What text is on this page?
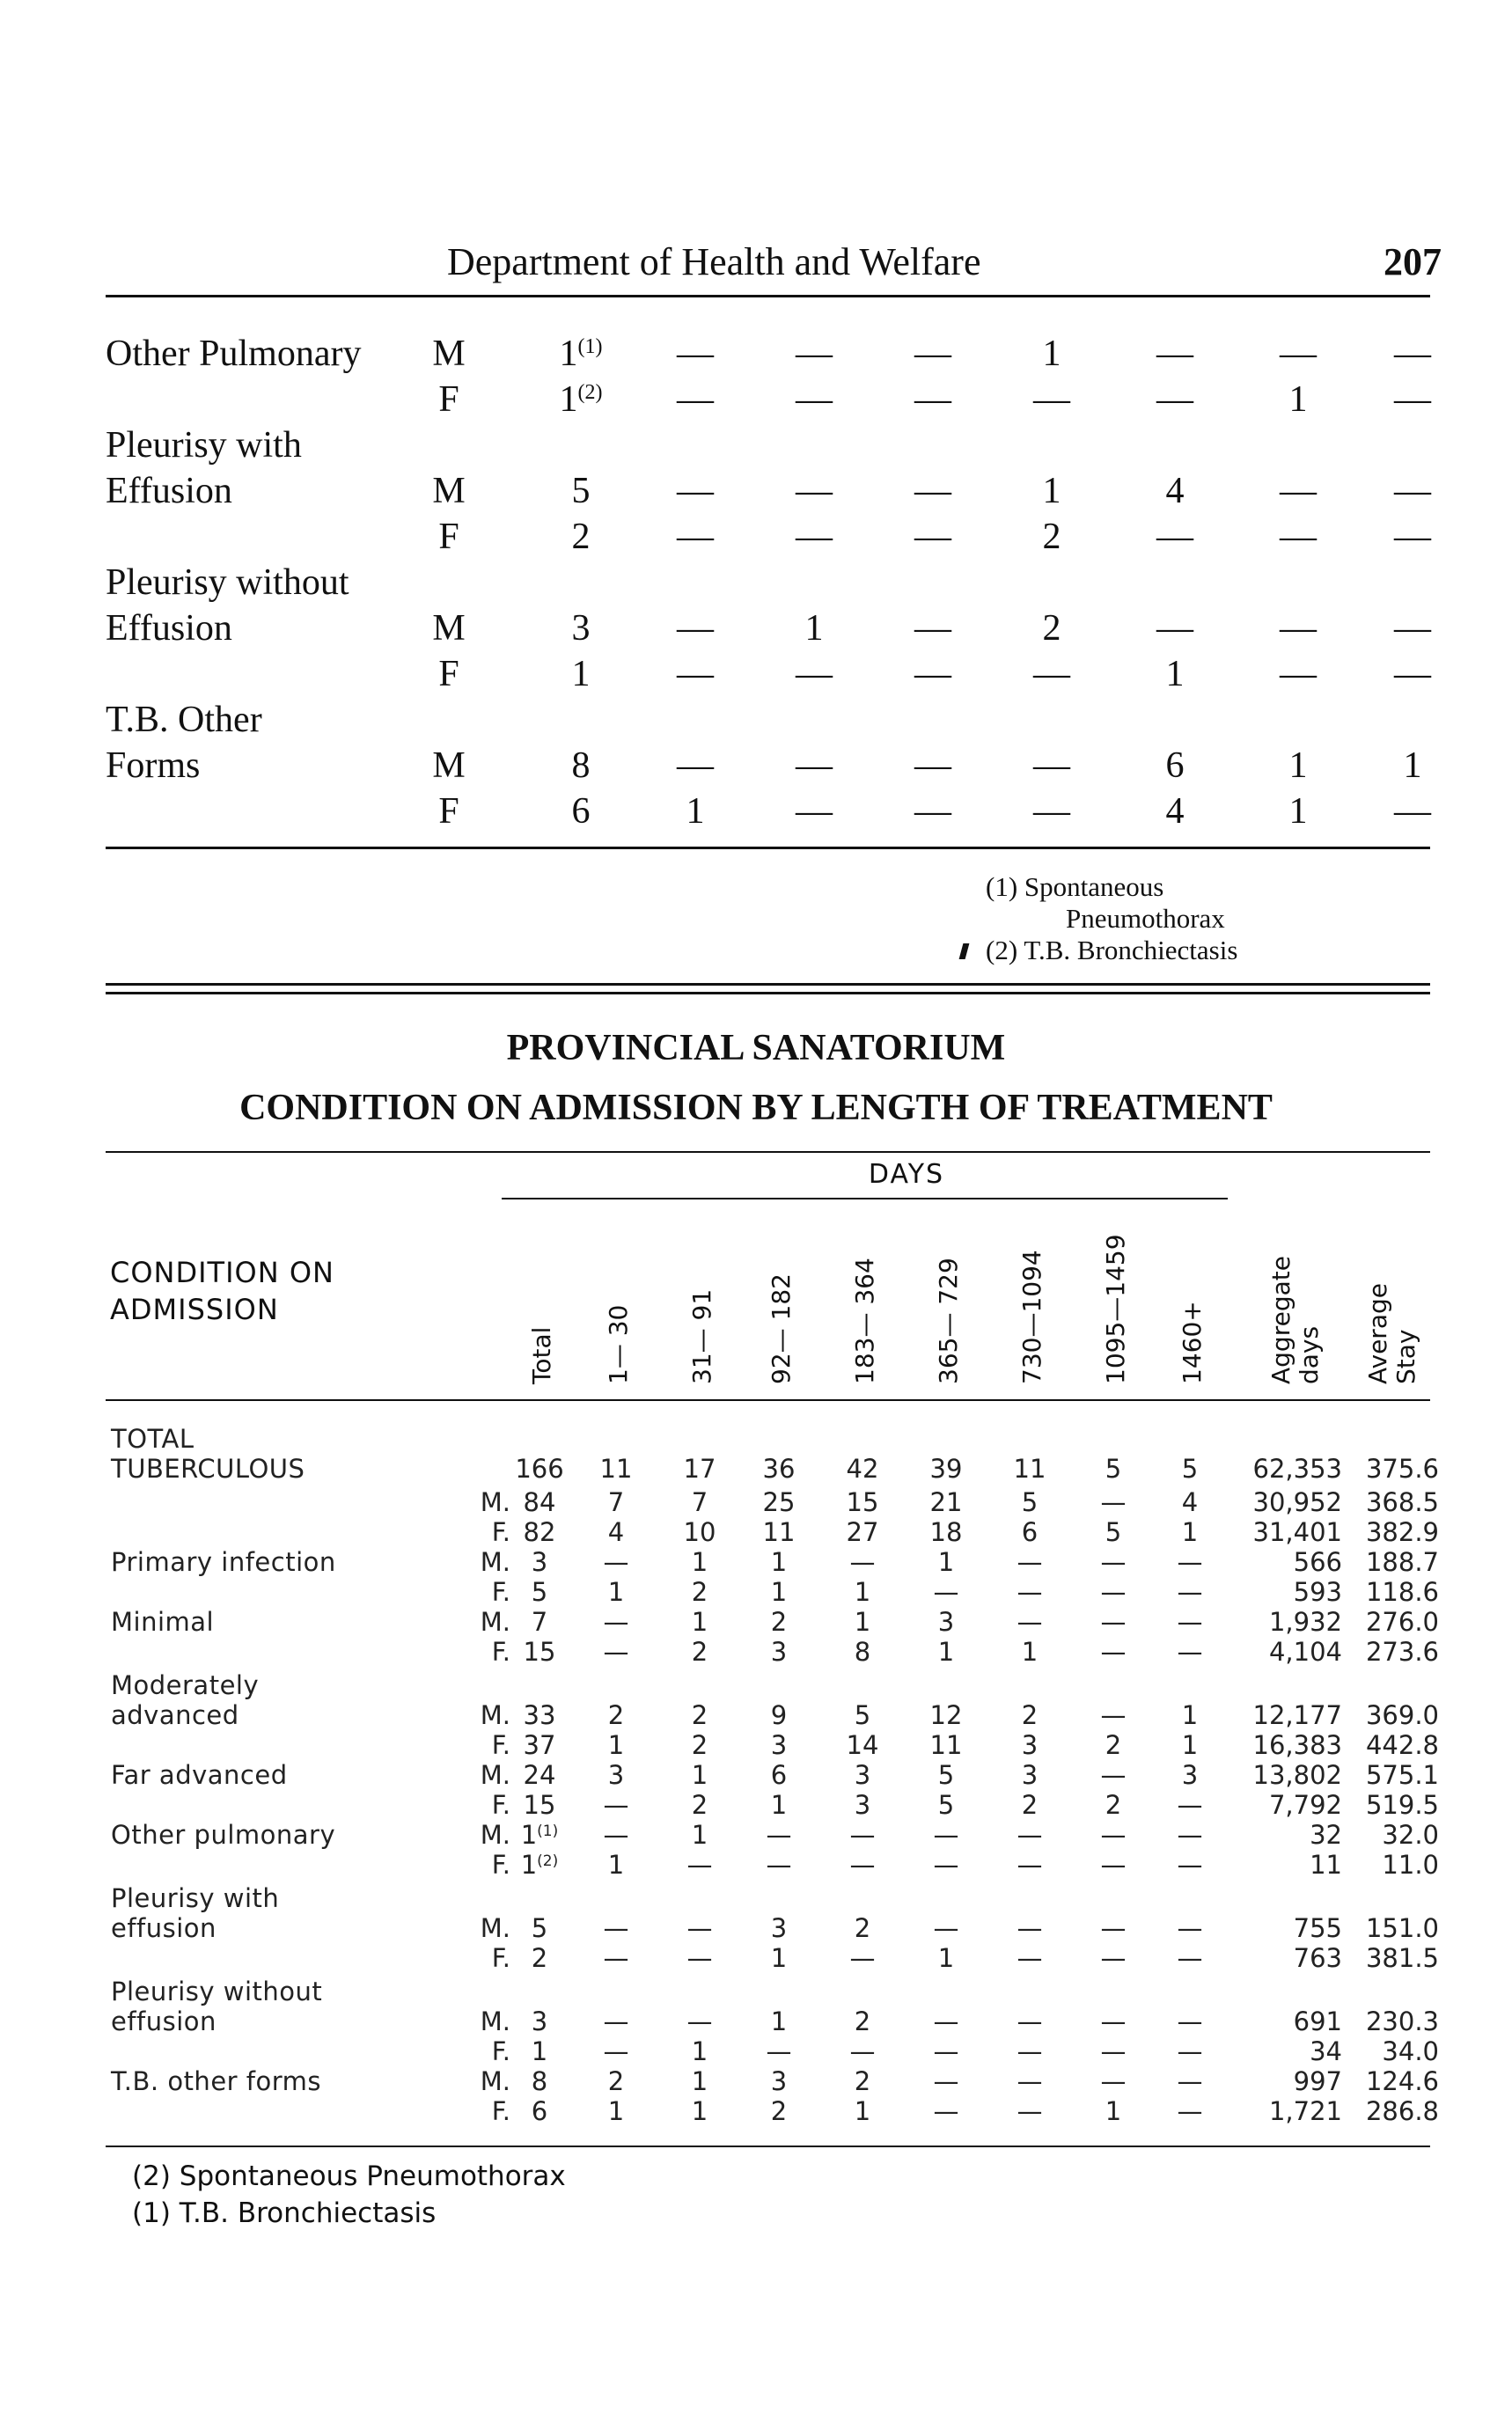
Department of Health and Welfare	207
Other Pulmonary M	1$^{(1)}$ — — —	1	— — —
F	1$^{(2)}$ — — — — —	1	—
Pleurisy with
Effusion	M	5	— — —	1	4	— —
F	2	— — —	2	— — —
Pleurisy without
Effusion	M	3	—	1	—	2	— — —
F	1	— — — —	1	— —
T.B. Other
Forms	M	8	— — — —	6	1	1
F	6	1	— — —	4	1	—
(1) Spontaneous
Pneumothorax
(2) T.B. Bronchiectasis
PROVINCIAL SANATORIUM
CONDITION ON ADMISSION BY LENGTH OF TREATMENT
DAYS
CONDITION ON
ADMISSION
Total 1— 30 31— 91 92— 182 183— 364 365— 729 730—1094 1095—1459 1460+ Aggregate days Average Stay
TOTAL
TUBERCULOUS	166	11	17	36	42	39	11	5	5	62,353 375.6
M. 84	7	7	25	15	21	5	—	4	30,952 368.5
F. 82	4	10	11	27	18	6	5	1	31,401 382.9
Primary infection	M. 3	—	1	1	—	1	—	—	—	566 188.7
F. 5	1	2	1	1	—	—	—	—	593 118.6
Minimal	M. 7	—	1	2	1	3	—	—	—	1,932 276.0
F. 15	—	2	3	8	1	1	—	—	4,104 273.6
Moderately
advanced	M. 33	2	2	9	5	12	2	—	1	12,177 369.0
F. 37	1	2	3	14	11	3	2	1	16,383 442.8
Far advanced	M. 24	3	1	6	3	5	3	—	3	13,802 575.1
F. 15	—	2	1	3	5	2	2	—	7,792 519.5
Other pulmonary	M. 1$^{(1)}$	—	1	—	—	—	—	—	—	32	32.0
F. 1$^{(2)}$	1	—	—	—	—	—	—	—	11	11.0
Pleurisy with
effusion	M. 5	—	—	3	2	—	—	—	—	755 151.0
F. 2	—	—	1	—	1	—	—	—	763 381.5
Pleurisy without
effusion	M. 3	—	—	1	2	—	—	—	—	691 230.3
F. 1	—	1	—	—	—	—	—	—	34	34.0
T.B. other forms	M. 8	2	1	3	2	—	—	—	—	997 124.6
F. 6	1	1	2	1	—	—	1	—	1,721 286.8
(2) Spontaneous Pneumothorax
(1) T.B. Bronchiectasis
